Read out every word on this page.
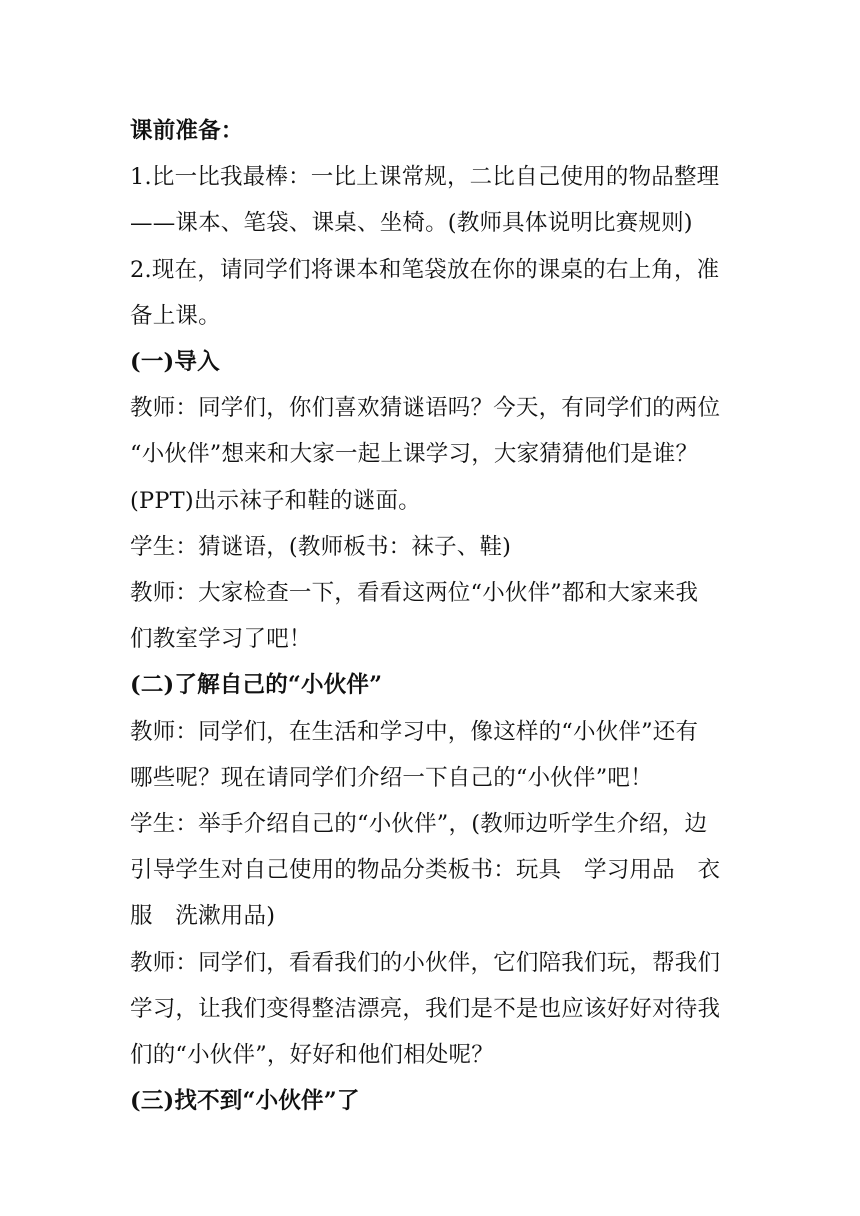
课前准备：
1.比一比我最棒：一比上课常规，二比自己使用的物品整理
——课本、笔袋、课桌、坐椅。(教师具体说明比赛规则)
2.现在，请同学们将课本和笔袋放在你的课桌的右上角，准
备上课。
(一)导入
教师：同学们，你们喜欢猜谜语吗？今天，有同学们的两位
“小伙伴”想来和大家一起上课学习，大家猜猜他们是谁？
(PPT)出示袜子和鞋的谜面。
学生：猜谜语，(教师板书：袜子、鞋)
教师：大家检查一下，看看这两位“小伙伴”都和大家来我
们教室学习了吧！
(二)了解自己的“小伙伴”
教师：同学们，在生活和学习中，像这样的“小伙伴”还有
哪些呢？现在请同学们介绍一下自己的“小伙伴”吧！
学生：举手介绍自己的“小伙伴”，(教师边听学生介绍，边
引导学生对自己使用的物品分类板书：玩具　学习用品　衣
服　洗漱用品)
教师：同学们，看看我们的小伙伴，它们陪我们玩，帮我们
学习，让我们变得整洁漂亮，我们是不是也应该好好对待我
们的“小伙伴”，好好和他们相处呢？
(三)找不到“小伙伴”了
